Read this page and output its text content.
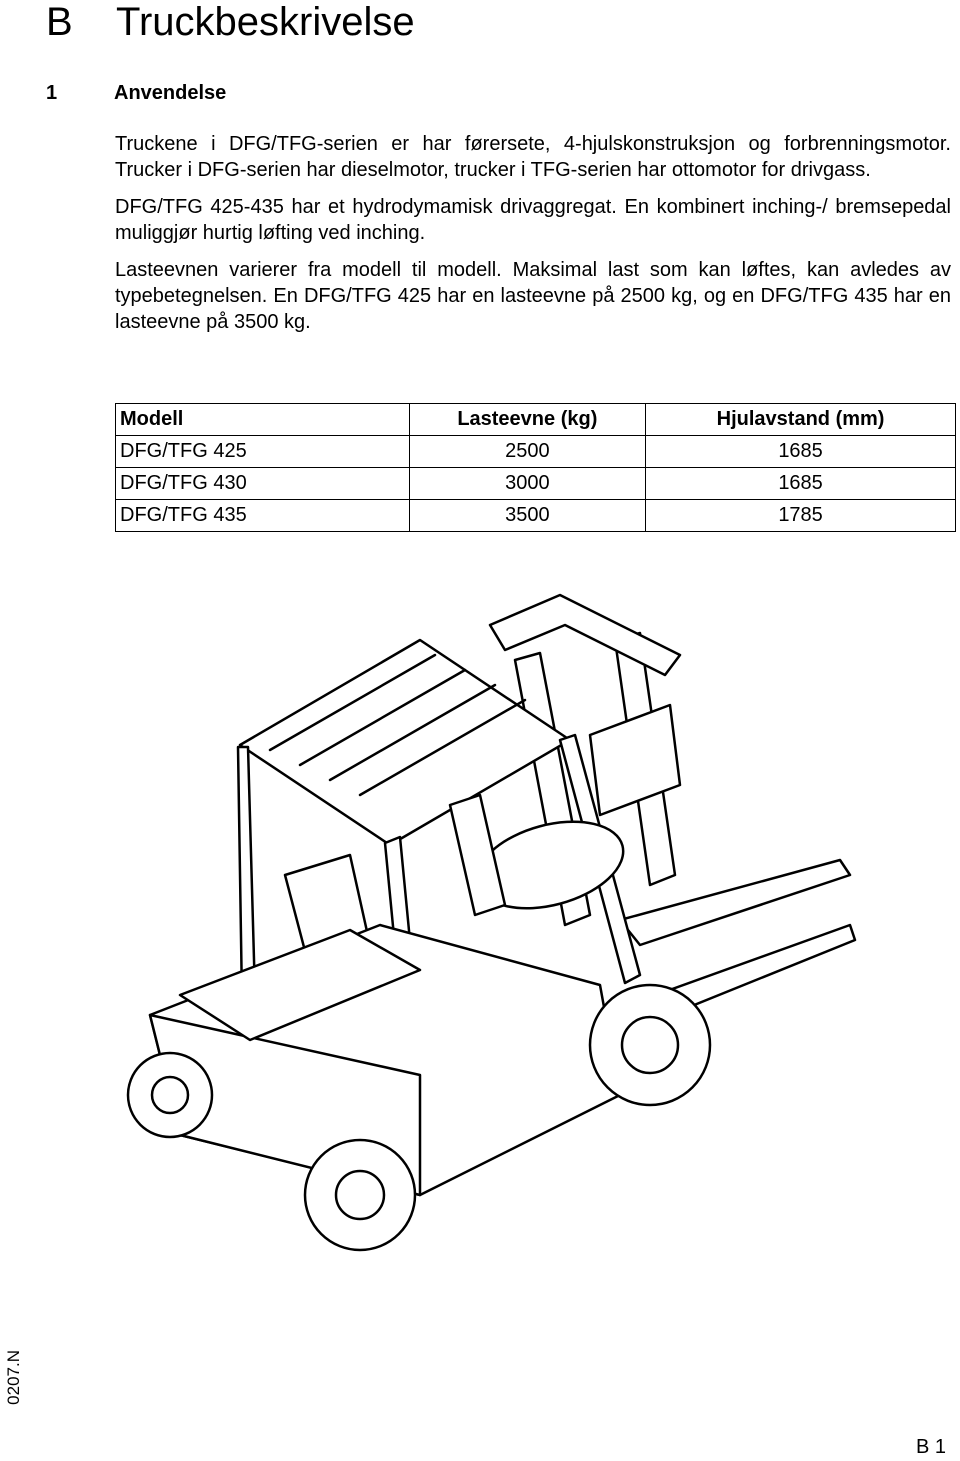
B Truckbeskrivelse
1	Anvendelse

Truckene i DFG/TFG-serien er har førersete, 4-hjulskonstruksjon og forbrenningsmotor. Trucker i DFG-serien har dieselmotor, trucker i TFG-serien har ottomotor for drivgass.

DFG/TFG 425-435 har et hydrodymamisk drivaggregat. En kombinert inching-/ bremsepedal muliggjør hurtig løfting ved inching.

Lasteevnen varierer fra modell til modell. Maksimal last som kan løftes, kan avledes av typebetegnelsen. En DFG/TFG 425 har en lasteevne på 2500 kg, og en DFG/TFG 435 har en lasteevne på 3500 kg.

Modell	Lasteevne (kg)	Hjulavstand (mm)
DFG/TFG 425	2500	1685
DFG/TFG 430	3000	1685
DFG/TFG 435	3500	1785
0207.N
B 1
